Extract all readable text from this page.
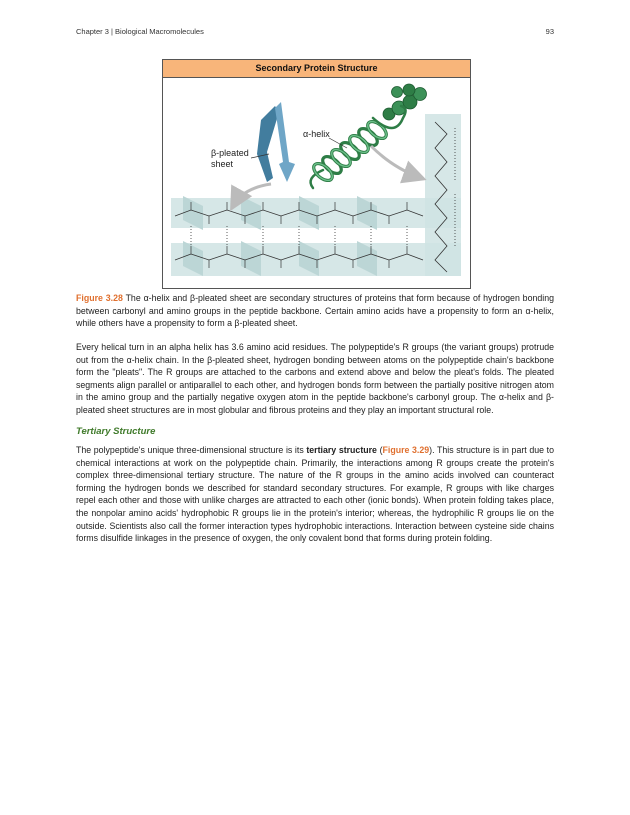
Chapter 3 | Biological Macromolecules	93
Secondary Protein Structure
α-helix
β-pleated
sheet
Figure 3.28 The α-helix and β-pleated sheet are secondary structures of proteins that form because of hydrogen bonding between carbonyl and amino groups in the peptide backbone. Certain amino acids have a propensity to form an α-helix, while others have a propensity to form a β-pleated sheet.

Every helical turn in an alpha helix has 3.6 amino acid residues. The polypeptide's R groups (the variant groups) protrude out from the α-helix chain. In the β-pleated sheet, hydrogen bonding between atoms on the polypeptide chain's backbone form the "pleats". The R groups are attached to the carbons and extend above and below the pleat's folds. The pleated segments align parallel or antiparallel to each other, and hydrogen bonds form between the partially positive nitrogen atom in the amino group and the partially negative oxygen atom in the peptide backbone's carbonyl group. The α-helix and β-pleated sheet structures are in most globular and fibrous proteins and they play an important structural role.

Tertiary Structure

The polypeptide's unique three-dimensional structure is its tertiary structure (Figure 3.29). This structure is in part due to chemical interactions at work on the polypeptide chain. Primarily, the interactions among R groups create the protein's complex three-dimensional tertiary structure. The nature of the R groups in the amino acids involved can counteract forming the hydrogen bonds we described for standard secondary structures. For example, R groups with like charges repel each other and those with unlike charges are attracted to each other (ionic bonds). When protein folding takes place, the nonpolar amino acids' hydrophobic R groups lie in the protein's interior; whereas, the hydrophilic R groups lie on the outside. Scientists also call the former interaction types hydrophobic interactions. Interaction between cysteine side chains forms disulfide linkages in the presence of oxygen, the only covalent bond that forms during protein folding.
